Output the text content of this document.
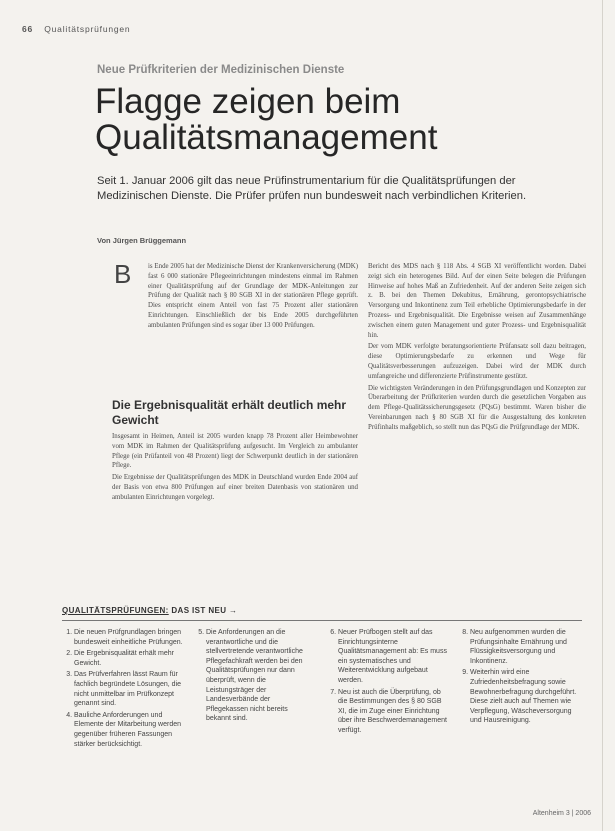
66 Qualitätsprüfungen
Neue Prüfkriterien der Medizinischen Dienste
Flagge zeigen beim Qualitätsmanagement
Seit 1. Januar 2006 gilt das neue Prüfinstrumentarium für die Qualitätsprüfungen der Medizinischen Dienste. Die Prüfer prüfen nun bundesweit nach verbindlichen Kriterien.
Von Jürgen Brüggemann

B is Ende 2005 hat der Medizinische Dienst der Krankenversicherung (MDK) fast 6 000 stationäre Pflegeeinrichtungen mindestens einmal im Rahmen einer Qualitätsprüfung auf der Grundlage der MDK-Anleitungen zur Prüfung der Qualität nach § 80 SGB XI in der stationären Pflege geprüft. Dies entspricht einem Anteil von fast 75 Prozent aller stationären Einrichtungen. Einschließlich der bis Ende 2005 durchgeführten ambulanten Prüfungen sind es sogar über 13 000 Prüfungen.

Die Ergebnisqualität erhält deutlich mehr Gewicht

Insgesamt in Heimen, Anteil ist 2005 wurden knapp 78 Prozent aller Heimbewohner vom MDK im Rahmen der Qualitätsprüfung aufgesucht. Im Vergleich zu ambulanter Pflege (ein Prüfanteil von 48 Prozent) liegt der Schwerpunkt deutlich in der stationären Pflege.

Die Ergebnisse der Qualitätsprüfungen des MDK in Deutschland wurden Ende 2004 auf der Basis von etwa 800 Prüfungen auf einer breiten Datenbasis von stationären und ambulanten Einrichtungen vorgelegt.

Bericht des MDS nach § 118 Abs. 4 SGB XI veröffentlicht worden. Dabei zeigt sich ein heterogenes Bild. Auf der einen Seite belegen die Prüfungen Hinweise auf hohes Maß an Zufriedenheit. Auf der anderen Seite zeigen sich z. B. bei den Themen Dekubitus, Ernährung, gerontopsychiatrische Versorgung und Inkontinenz zum Teil erhebliche Optimierungsbedarfe in der Prozess- und Ergebnisqualität. Die Ergebnisse weisen auf Zusammenhänge zwischen einem guten Management und guter Prozess- und Ergebnisqualität hin.

Der vom MDK verfolgte beratungsorientierte Prüfansatz soll dazu beitragen, diese Optimierungsbedarfe zu erkennen und Wege für Qualitätsverbesserungen aufzuzeigen. Dabei wird der MDK durch umfangreiche und differenzierte Prüfinstrumente gestützt.

Die wichtigsten Veränderungen in den Prüfungsgrundlagen und Konzepten zur Überarbeitung der Prüfkriterien wurden durch die gesetzlichen Vorgaben aus dem Pflege-Qualitätssicherungsgesetz (PQsG) bestimmt. Waren bisher die Vereinbarungen nach § 80 SGB XI für die Ausgestaltung des konkreten Prüfinhalts maßgeblich, so stellt nun das PQsG die Prüfgrundlage der MDK.

QUALITÄTSPRÜFUNGEN: DAS IST NEU →
1. Die neuen Prüfgrundlagen bringen bundesweit einheitliche Prüfungen.
2. Die Ergebnisqualität erhält mehr Gewicht.
3. Das Prüfverfahren lässt Raum für fachlich begründete Lösungen, die nicht unmittelbar im Prüfkonzept genannt sind.
4. Bauliche Anforderungen und Elemente der Mitarbeitung werden gegenüber früheren Fassungen stärker berücksichtigt.
5. Die Anforderungen an die verantwortliche und die stellvertretende verantwortliche Pflegefachkraft werden bei den Qualitätsprüfungen nur dann überprüft, wenn die Leistungsträger der Landesverbände der Pflegekassen nicht bereits bekannt sind.
6. Neuer Prüfbogen stellt auf das Einrichtungsinterne Qualitätsmanagement ab: Es muss ein systematisches und Weiterentwicklung aufgebaut werden.
7. Neu ist auch die Überprüfung, ob die Bestimmungen des § 80 SGB XI, die im Zuge einer Einrichtung über ihre Beschwerdemanagement verfügt.
8. Neu aufgenommen wurden die Prüfungsinhalte Ernährung und Flüssigkeitsversorgung und Inkontinenz.
9. Weiterhin wird eine Zufriedenheitsbefragung sowie Bewohnerbefragung durchgeführt. Diese zielt auch auf Themen wie Verpflegung, Wäscheversorgung und Hausreinigung.
Altenheim 3 | 2006
